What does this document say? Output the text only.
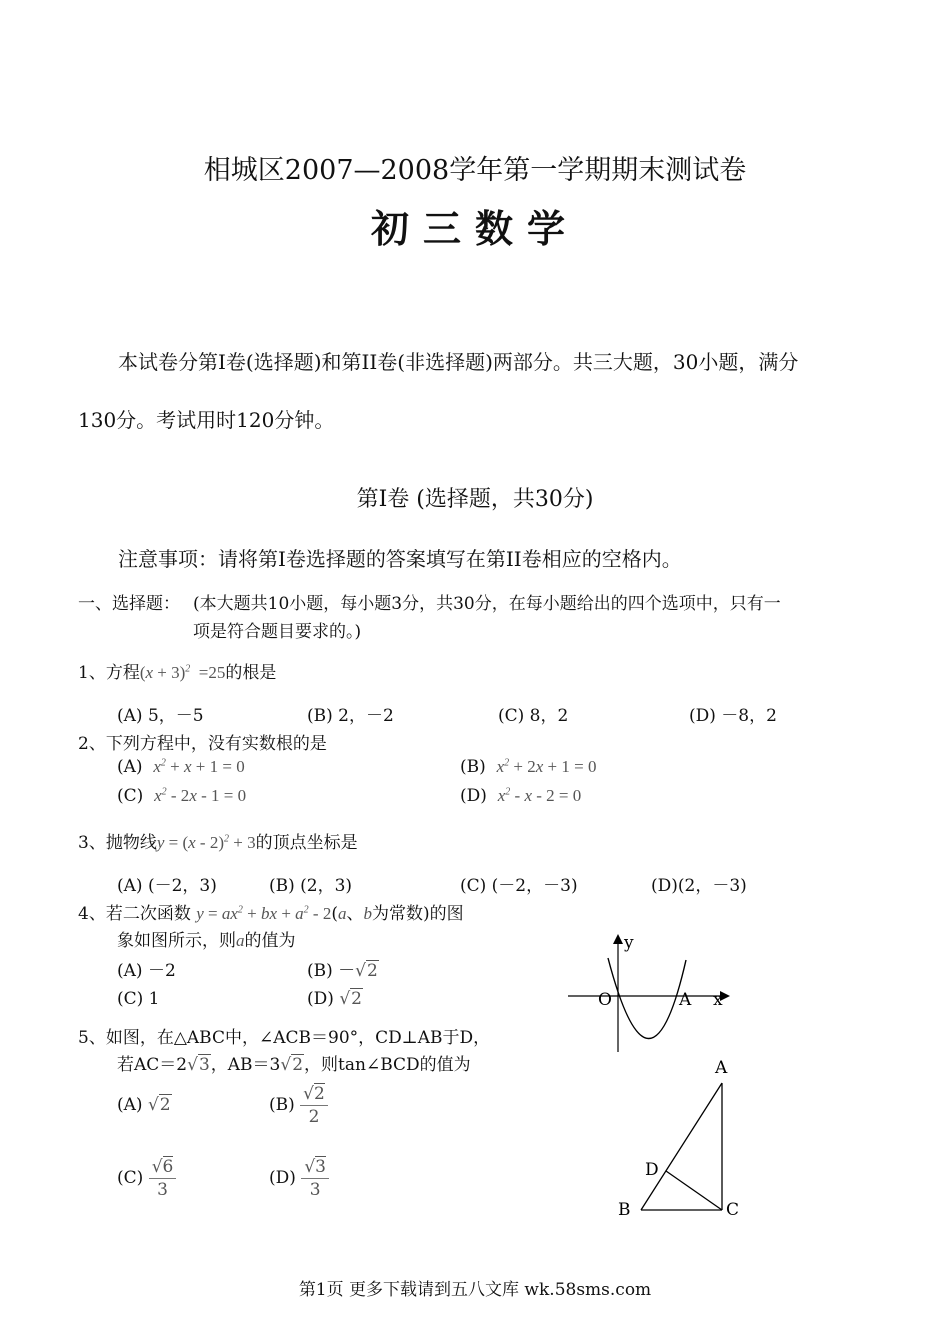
相城区2007—2008学年第一学期期末测试卷
初三数学
本试卷分第I卷(选择题)和第II卷(非选择题)两部分。共三大题，30小题，满分
130分。考试用时120分钟。
第I卷 (选择题，共30分)
注意事项：请将第I卷选择题的答案填写在第II卷相应的空格内。
一、选择题： (本大题共10小题，每小题3分，共30分，在每小题给出的四个选项中，只有一
项是符合题目要求的。)
1、方程$(x + 3)^2 =25$的根是
(A) 5，－5	(B) 2，－2	(C) 8，2	(D) －8，2
2、下列方程中，没有实数根的是
(A) $x^2 + x + 1 = 0$	(B) $x^2 + 2x + 1 = 0$
(C) $x^2 - 2x - 1 = 0$	(D) $x^2 - x - 2 = 0$
3、抛物线y = (x - 2)$^2$ + 3的顶点坐标是
(A) (－2，3)	(B) (2，3)	(C) (－2，－3)	(D)(2，－3)
4、若二次函数 $y = ax^2$ + bx + $a^2 - 2(a$、b为常数)的图
象如图所示，则a的值为
(A) －2	(B) －√2
(C) 1	(D) √2
y
x
O	A
5、如图，在△ABC中，∠ACB＝90°，CD⊥AB于D，
若AC＝2√3，AB＝3√2，则tan∠BCD的值为
(A) √2	$(B) \frac{√2}{2}$
$(C) \frac{√6}{3}$	$(D) \frac{√3}{3}$
A
B	C
D
第1页 更多下载请到五八文库 wk.58sms.com
